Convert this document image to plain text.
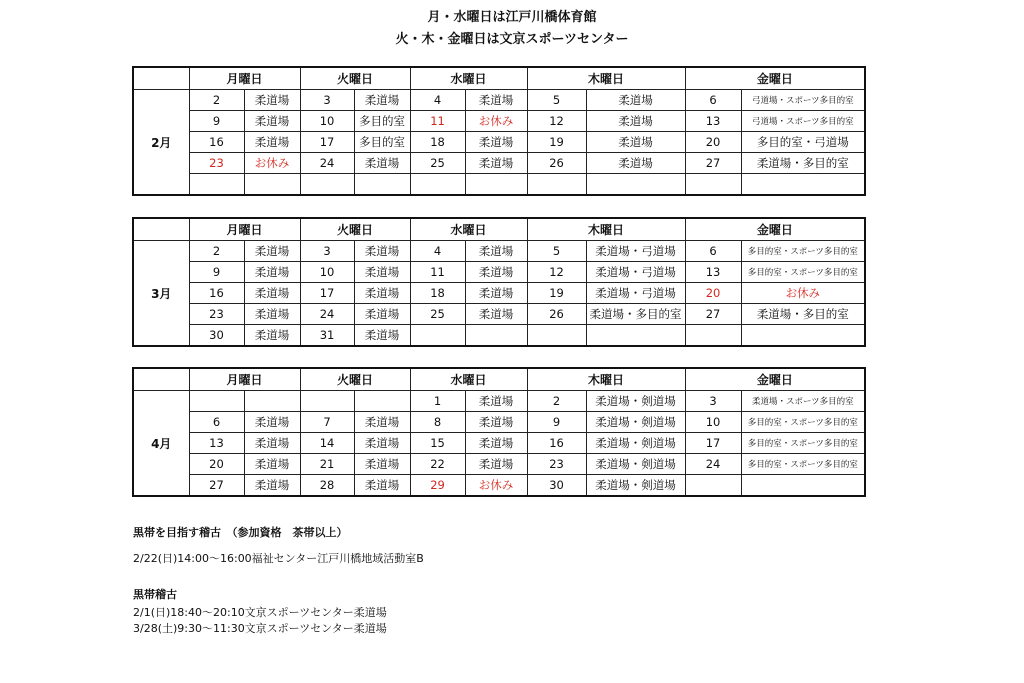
月・水曜日は江戸川橋体育館
火・木・金曜日は文京スポーツセンター
	月曜日		火曜日		水曜日		木曜日		金曜日	
2月	2	柔道場	3	柔道場	4	柔道場	5	柔道場	6	弓道場・スポーツ多目的室
	9	柔道場	10	多目的室	11	お休み	12	柔道場	13	弓道場・スポーツ多目的室
	16	柔道場	17	多目的室	18	柔道場	19	柔道場	20	多目的室・弓道場
	23	お休み	24	柔道場	25	柔道場	26	柔道場	27	柔道場・多目的室

	月曜日		火曜日		水曜日		木曜日		金曜日	
3月	2	柔道場	3	柔道場	4	柔道場	5	柔道場・弓道場	6	多目的室・スポーツ多目的室
	9	柔道場	10	柔道場	11	柔道場	12	柔道場・弓道場	13	多目的室・スポーツ多目的室
	16	柔道場	17	柔道場	18	柔道場	19	柔道場・弓道場	20	お休み
	23	柔道場	24	柔道場	25	柔道場	26	柔道場・多目的室	27	柔道場・多目的室
	30	柔道場	31	柔道場						
	月曜日		火曜日		水曜日		木曜日		金曜日	
4月					1	柔道場	2	柔道場・剣道場	3	柔道場・スポーツ多目的室
	6	柔道場	7	柔道場	8	柔道場	9	柔道場・剣道場	10	多目的室・スポーツ多目的室
	13	柔道場	14	柔道場	15	柔道場	16	柔道場・剣道場	17	多目的室・スポーツ多目的室
	20	柔道場	21	柔道場	22	柔道場	23	柔道場・剣道場	24	多目的室・スポーツ多目的室
	27	柔道場	28	柔道場	29	お休み	30	柔道場・剣道場		
黒帯を目指す稽古　（参加資格　茶帯以上）
2/22(日)14:00～16:00福祉センター江戸川橋地域活動室B
黒帯稽古
2/1(日)18:40～20:10文京スポーツセンター柔道場
3/28(土)9:30～11:30文京スポーツセンター柔道場
